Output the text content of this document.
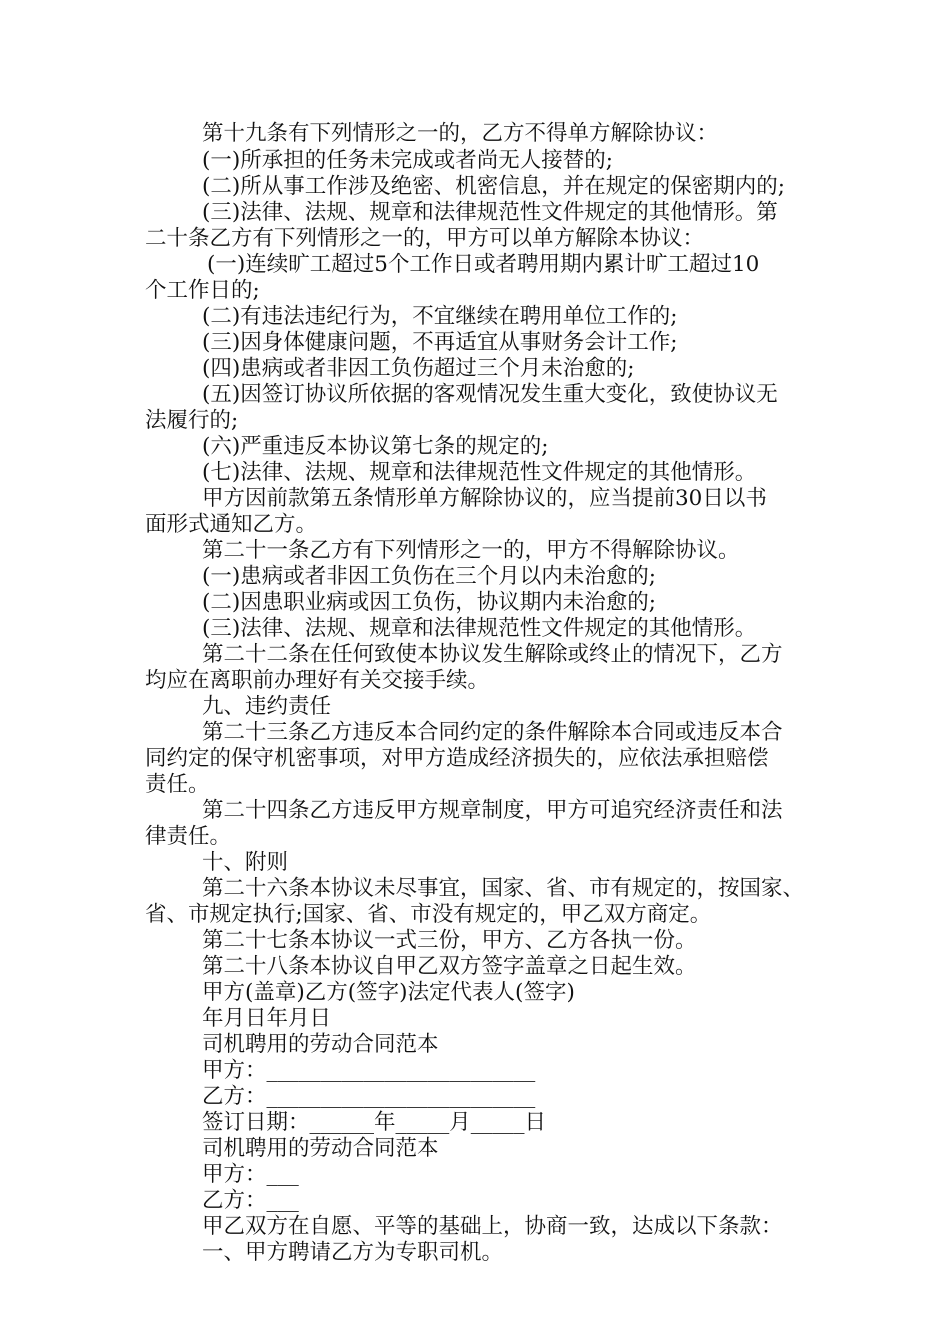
第十九条有下列情形之一的，乙方不得单方解除协议：
(一)所承担的任务未完成或者尚无人接替的;
(二)所从事工作涉及绝密、机密信息，并在规定的保密期内的;
(三)法律、法规、规章和法律规范性文件规定的其他情形。第
二十条乙方有下列情形之一的，甲方可以单方解除本协议：
(一)连续旷工超过5个工作日或者聘用期内累计旷工超过10
个工作日的;
(二)有违法违纪行为，不宜继续在聘用单位工作的;
(三)因身体健康问题，不再适宜从事财务会计工作;
(四)患病或者非因工负伤超过三个月未治愈的;
(五)因签订协议所依据的客观情况发生重大变化，致使协议无
法履行的;
(六)严重违反本协议第七条的规定的;
(七)法律、法规、规章和法律规范性文件规定的其他情形。
甲方因前款第五条情形单方解除协议的，应当提前30日以书
面形式通知乙方。
第二十一条乙方有下列情形之一的，甲方不得解除协议。
(一)患病或者非因工负伤在三个月以内未治愈的;
(二)因患职业病或因工负伤，协议期内未治愈的;
(三)法律、法规、规章和法律规范性文件规定的其他情形。
第二十二条在任何致使本协议发生解除或终止的情况下，乙方
均应在离职前办理好有关交接手续。
九、违约责任
第二十三条乙方违反本合同约定的条件解除本合同或违反本合
同约定的保守机密事项，对甲方造成经济损失的，应依法承担赔偿
责任。
第二十四条乙方违反甲方规章制度，甲方可追究经济责任和法
律责任。
十、附则
第二十六条本协议未尽事宜，国家、省、市有规定的，按国家、
省、市规定执行;国家、省、市没有规定的，甲乙双方商定。
第二十七条本协议一式三份，甲方、乙方各执一份。
第二十八条本协议自甲乙双方签字盖章之日起生效。
甲方(盖章)乙方(签字)法定代表人(签字)
年月日年月日
司机聘用的劳动合同范本
甲方：_________________________
乙方：_________________________
签订日期：______年_____月_____日
司机聘用的劳动合同范本
甲方：___
乙方：___
甲乙双方在自愿、平等的基础上，协商一致，达成以下条款：
一、甲方聘请乙方为专职司机。
